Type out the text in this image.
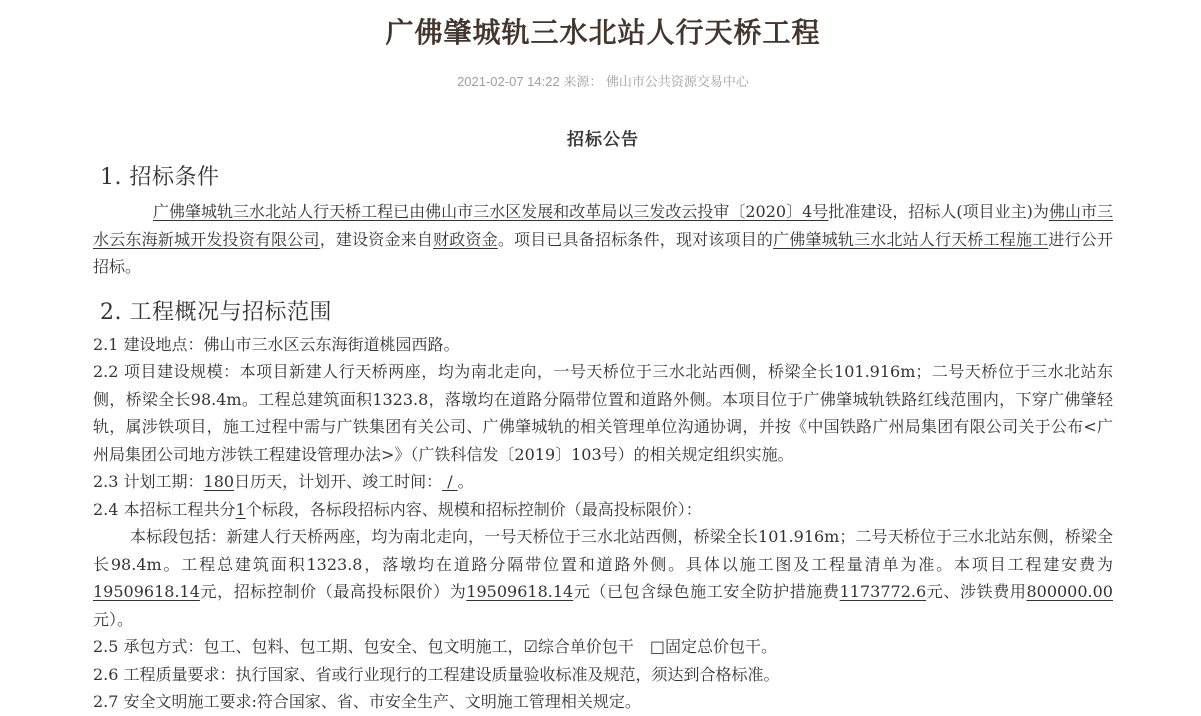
广佛肇城轨三水北站人行天桥工程
2021-02-07 14:22 来源： 佛山市公共资源交易中心
招标公告
1. 招标条件

广佛肇城轨三水北站人行天桥工程已由佛山市三水区发展和改革局以三发改云投审〔2020〕4号批准建设，招标人(项目业主)为佛山市三水云东海新城开发投资有限公司，建设资金来自财政资金。项目已具备招标条件，现对该项目的广佛肇城轨三水北站人行天桥工程施工进行公开招标。

2. 工程概况与招标范围

2.1 建设地点：佛山市三水区云东海街道桃园西路。

2.2 项目建设规模：本项目新建人行天桥两座，均为南北走向，一号天桥位于三水北站西侧，桥梁全长101.916m；二号天桥位于三水北站东侧，桥梁全长98.4m。工程总建筑面积1323.8，落墩均在道路分隔带位置和道路外侧。本项目位于广佛肇城轨铁路红线范围内，下穿广佛肇轻轨，属涉铁项目，施工过程中需与广铁集团有关公司、广佛肇城轨的相关管理单位沟通协调，并按《中国铁路广州局集团有限公司关于公布<广州局集团公司地方涉铁工程建设管理办法>》（广铁科信发〔2019〕103号）的相关规定组织实施。

2.3 计划工期：180日历天，计划开、竣工时间： / 。

2.4 本招标工程共分1个标段，各标段招标内容、规模和招标控制价（最高投标限价）：

本标段包括：新建人行天桥两座，均为南北走向，一号天桥位于三水北站西侧，桥梁全长101.916m；二号天桥位于三水北站东侧，桥梁全长98.4m。工程总建筑面积1323.8，落墩均在道路分隔带位置和道路外侧。具体以施工图及工程量清单为准。本项目工程建安费为19509618.14元，招标控制价（最高投标限价）为19509618.14元（已包含绿色施工安全防护措施费1173772.6元、涉铁费用800000.00元）。

2.5 承包方式：包工、包料、包工期、包安全、包文明施工，☑综合单价包干　□固定总价包干。

2.6 工程质量要求：执行国家、省或行业现行的工程建设质量验收标准及规范，须达到合格标准。

2.7 安全文明施工要求:符合国家、省、市安全生产、文明施工管理相关规定。
